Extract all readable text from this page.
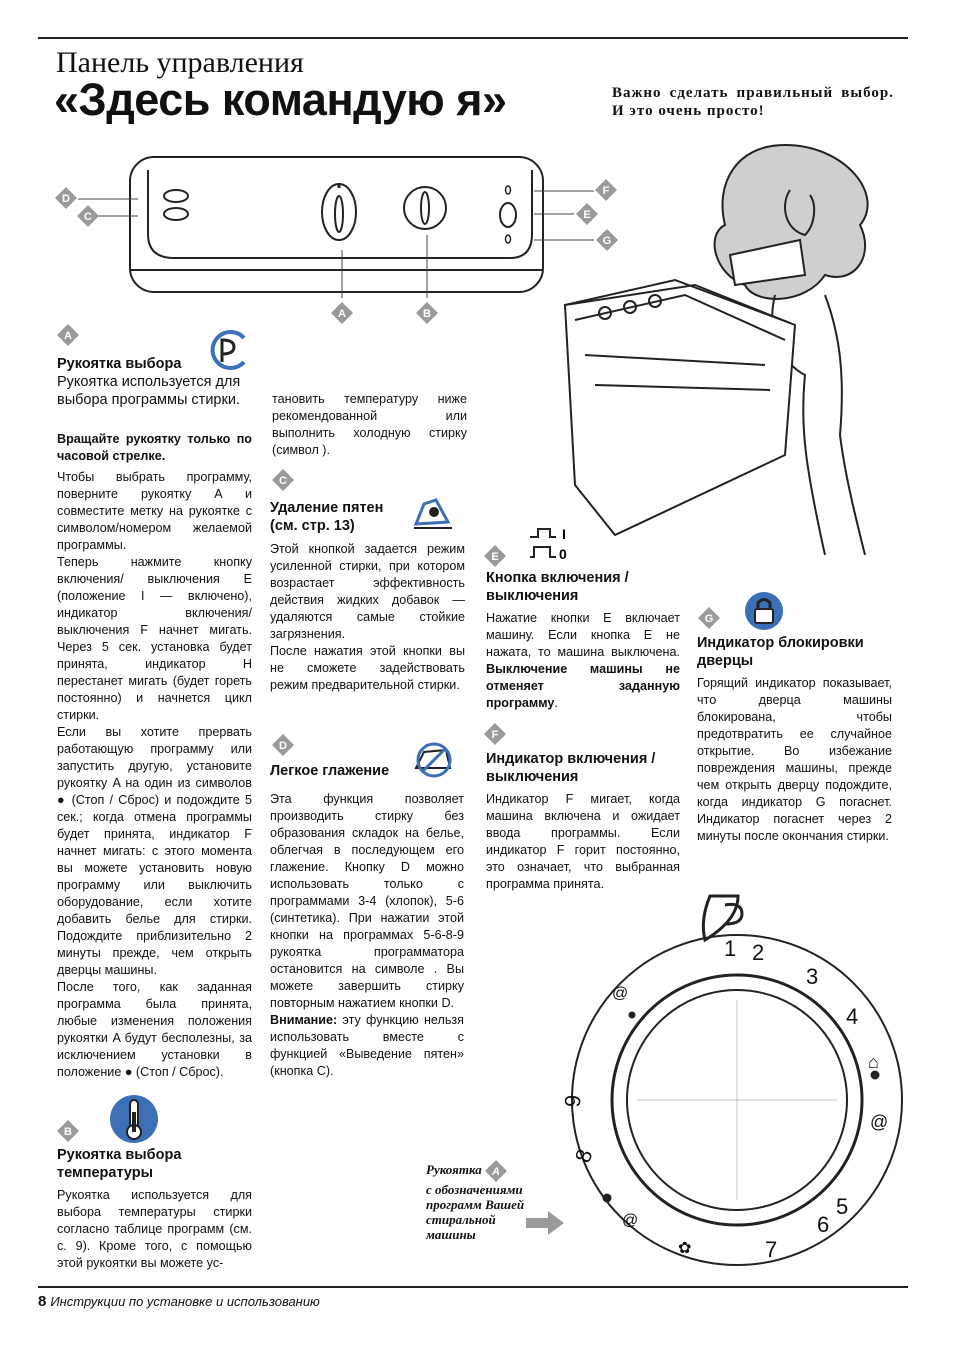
Панель управления
«Здесь командую я»	Важно сделать правильный выбор. И это очень просто!
D
C
A	B
F
E
G
A
Рукоятка выбора
Рукоятка используется для выбора программы стирки.

Вращайте рукоятку только по часовой стрелке.

Чтобы выбрать программу, поверните рукоятку A и совместите метку на рукоятке с символом/номером желаемой программы.

Теперь нажмите кнопку включения/ выключения E (положение I — включено), индикатор включения/ выключения F начнет мигать. Через 5 сек. установка будет принята, индикатор H перестанет мигать (будет гореть постоянно) и начнется цикл стирки.

Если вы хотите прервать работающую программу или запустить другую, установите рукоятку A на один из символов ● (Стоп / Сброс) и подождите 5 сек.; когда отмена программы будет принята, индикатор F начнет мигать: с этого момента вы можете установить новую программу или выключить оборудование, если хотите добавить белье для стирки. Подождите приблизительно 2 минуты прежде, чем открыть дверцы машины.

После того, как заданная программа была принята, любые изменения положения рукоятки A будут бесполезны, за исключением установки в положение ● (Стоп / Сброс).

B
Рукоятка выбора температуры

Рукоятка используется для выбора температуры стирки согласно таблице программ (см. с. 9). Кроме того, с помощью этой рукоятки вы можете ус-

тановить температуру ниже рекомендованной или выполнить холодную стирку (символ ).

C
Удаление пятен (см. стр. 13)

Этой кнопкой задается режим усиленной стирки, при котором возрастает эффективность действия жидких добавок — удаляются самые стойкие загрязнения.

После нажатия этой кнопки вы не сможете задействовать режим предварительной стирки.

D
Легкое глажение

Эта функция позволяет производить стирку без образования складок на белье, облегчая в последующем его глажение. Кнопку D можно использовать только с программами 3-4 (хлопок), 5-6 (синтетика). При нажатии этой кнопки на программах 5-6-8-9 рукоятка программатора остановится на символе . Вы можете завершить стирку повторным нажатием кнопки D.

Внимание: эту функцию нельзя использовать вместе с функцией «Выведение пятен» (кнопка C).

E
I
0
Кнопка включения / выключения

Нажатие кнопки E включает машину. Если кнопка E не нажата, то машина выключена. Выключение машины не отменяет заданную программу.

F
Индикатор включения / выключения

Индикатор F мигает, когда машина включена и ожидает ввода программы. Если индикатор F горит постоянно, это означает, что выбранная программа принята.

G
Индикатор блокировки дверцы

Горящий индикатор показывает, что дверца машины блокирована, чтобы предотвратить ее случайное открытие. Во избежание повреждения машины, прежде чем открыть дверцу подождите, когда индикатор G погаснет. Индикатор погаснет через 2 минуты после окончания стирки.

1 2
3
4
5
6
7
8
9
⌂
@
@
✿
@
Рукоятка A
с обозначениями программ Вашей стиральной машины
8 Инструкции по установке и использованию
